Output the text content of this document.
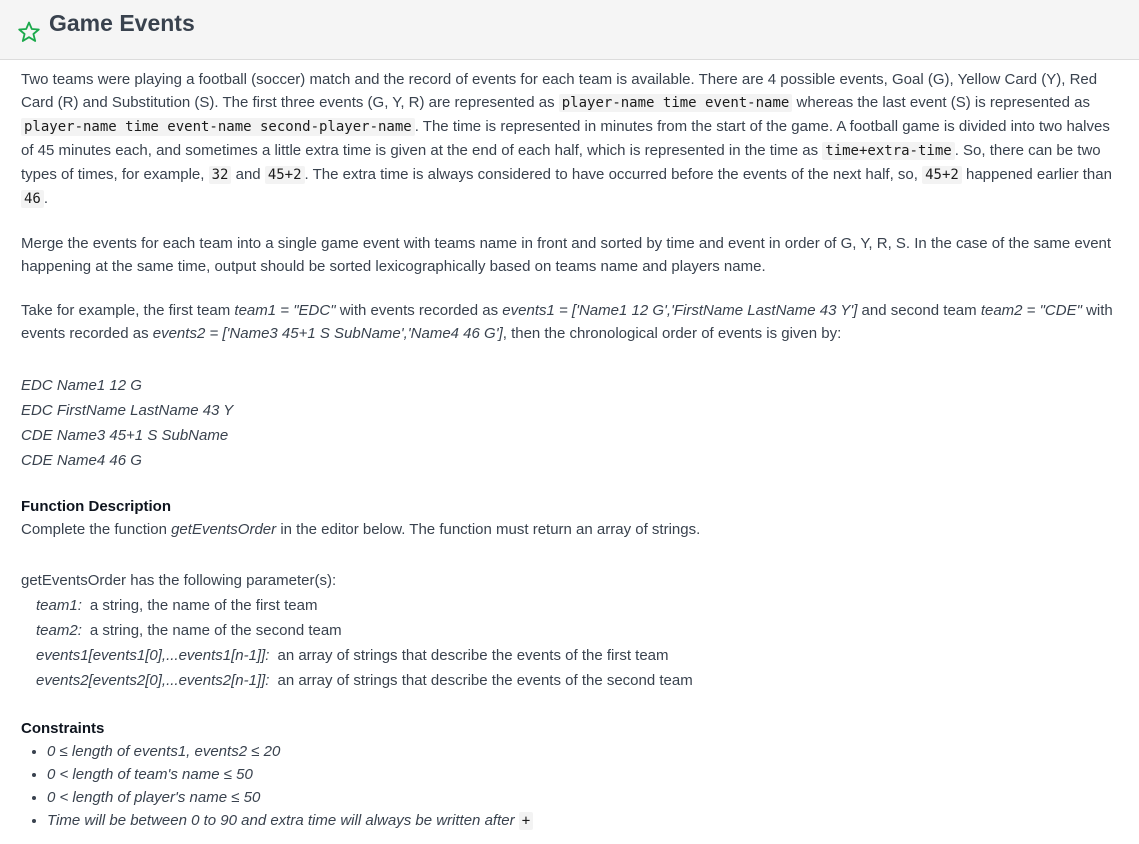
Game Events

Two teams were playing a football (soccer) match and the record of events for each team is available. There are 4 possible events, Goal (G), Yellow Card (Y), Red Card (R) and Substitution (S). The first three events (G, Y, R) are represented as player-name time event-name whereas the last event (S) is represented as player-name time event-name second-player-name . The time is represented in minutes from the start of the game. A football game is divided into two halves of 45 minutes each, and sometimes a little extra time is given at the end of each half, which is represented in the time as time+extra-time . So, there can be two types of times, for example, 32 and 45+2 . The extra time is always considered to have occurred before the events of the next half, so, 45+2 happened earlier than 46 .

Merge the events for each team into a single game event with teams name in front and sorted by time and event in order of G, Y, R, S. In the case of the same event happening at the same time, output should be sorted lexicographically based on teams name and players name.

Take for example, the first team team1 = "EDC" with events recorded as events1 = ['Name1 12 G','FirstName LastName 43 Y'] and second team team2 = "CDE" with events recorded as events2 = ['Name3 45+1 S SubName','Name4 46 G'], then the chronological order of events is given by:

EDC Name1 12 G
EDC FirstName LastName 43 Y
CDE Name3 45+1 S SubName
CDE Name4 46 G
Function Description

Complete the function getEventsOrder in the editor below. The function must return an array of strings.

getEventsOrder has the following parameter(s):
team1: a string, the name of the first team
team2: a string, the name of the second team
events1[events1[0],...events1[n-1]]: an array of strings that describe the events of the first team
events2[events2[0],...events2[n-1]]: an array of strings that describe the events of the second team
Constraints
• 0 ≤ length of events1, events2 ≤ 20
• 0 < length of team's name ≤ 50
• 0 < length of player's name ≤ 50
• Time will be between 0 to 90 and extra time will always be written after +
